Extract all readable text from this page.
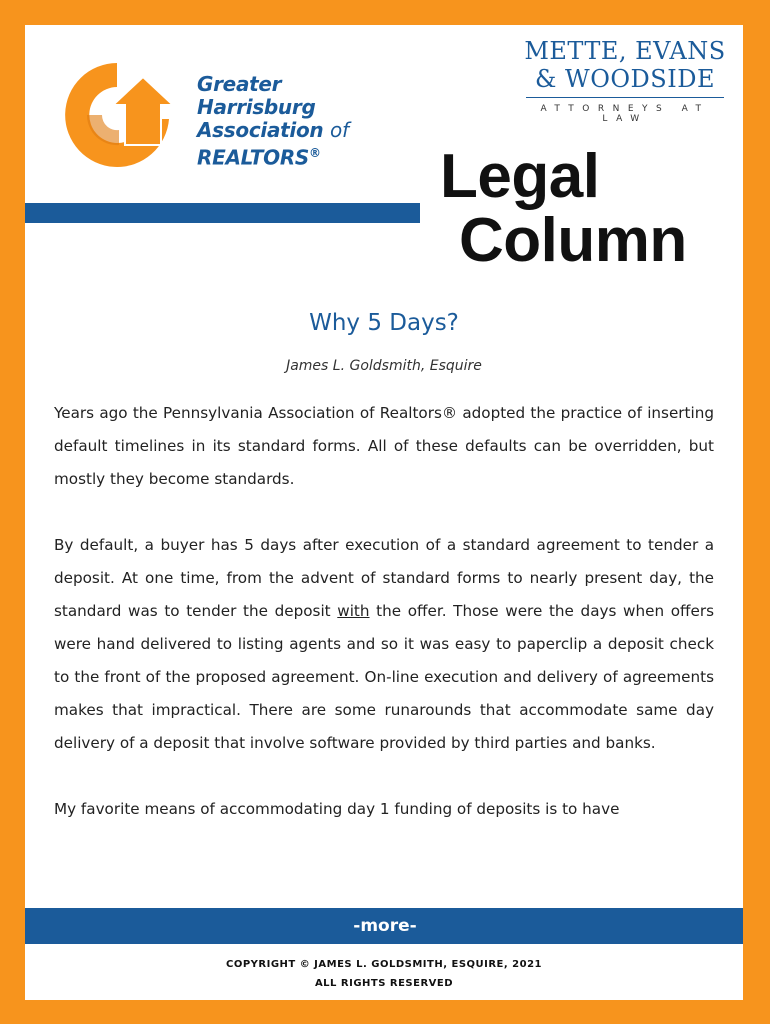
Greater
Harrisburg
Association of
REALTORS®
METTE, EVANS
& WOODSIDE
ATTORNEYS AT LAW
Legal
Column
Why 5 Days?
James L. Goldsmith, Esquire

Years ago the Pennsylvania Association of Realtors® adopted the practice of inserting default timelines in its standard forms. All of these defaults can be overridden, but mostly they become standards.

By default, a buyer has 5 days after execution of a standard agreement to tender a deposit. At one time, from the advent of standard forms to nearly present day, the standard was to tender the deposit with the offer. Those were the days when offers were hand delivered to listing agents and so it was easy to paperclip a deposit check to the front of the proposed agreement. On-line execution and delivery of agreements makes that impractical. There are some runarounds that accommodate same day delivery of a deposit that involve software provided by third parties and banks.

My favorite means of accommodating day 1 funding of deposits is to have

-more-
COPYRIGHT © JAMES L. GOLDSMITH, ESQUIRE, 2021
ALL RIGHTS RESERVED
